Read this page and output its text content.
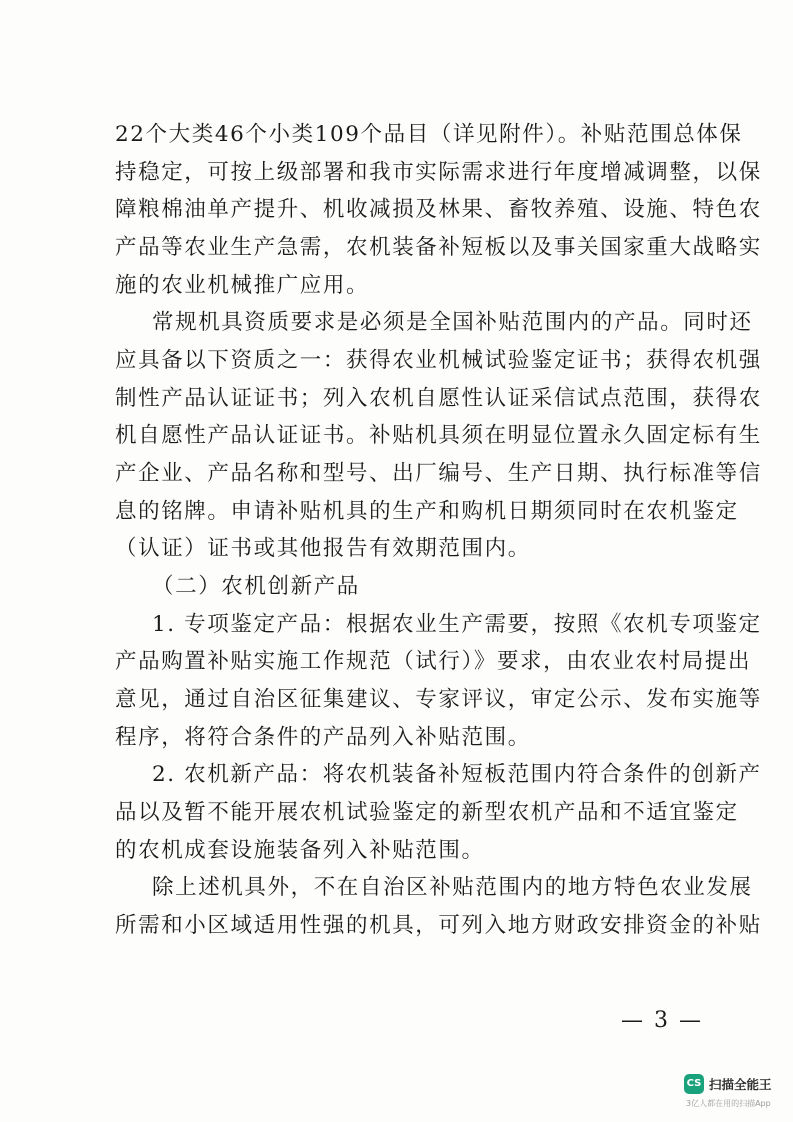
22个大类46个小类109个品目（详见附件）。补贴范围总体保
持稳定，可按上级部署和我市实际需求进行年度增减调整，以保
障粮棉油单产提升、机收减损及林果、畜牧养殖、设施、特色农
产品等农业生产急需，农机装备补短板以及事关国家重大战略实
施的农业机械推广应用。
常规机具资质要求是必须是全国补贴范围内的产品。同时还
应具备以下资质之一：获得农业机械试验鉴定证书；获得农机强
制性产品认证证书；列入农机自愿性认证采信试点范围，获得农
机自愿性产品认证证书。补贴机具须在明显位置永久固定标有生
产企业、产品名称和型号、出厂编号、生产日期、执行标准等信
息的铭牌。申请补贴机具的生产和购机日期须同时在农机鉴定
（认证）证书或其他报告有效期范围内。
（二）农机创新产品
1. 专项鉴定产品：根据农业生产需要，按照《农机专项鉴定
产品购置补贴实施工作规范（试行）》要求，由农业农村局提出
意见，通过自治区征集建议、专家评议，审定公示、发布实施等
程序，将符合条件的产品列入补贴范围。
2. 农机新产品：将农机装备补短板范围内符合条件的创新产
品以及暂不能开展农机试验鉴定的新型农机产品和不适宜鉴定
的农机成套设施装备列入补贴范围。
除上述机具外，不在自治区补贴范围内的地方特色农业发展
— 3 —
CS 扫描全能王
3亿人都在用的扫描App
所需和小区域适用性强的机具，可列入地方财政安排资金的补贴
